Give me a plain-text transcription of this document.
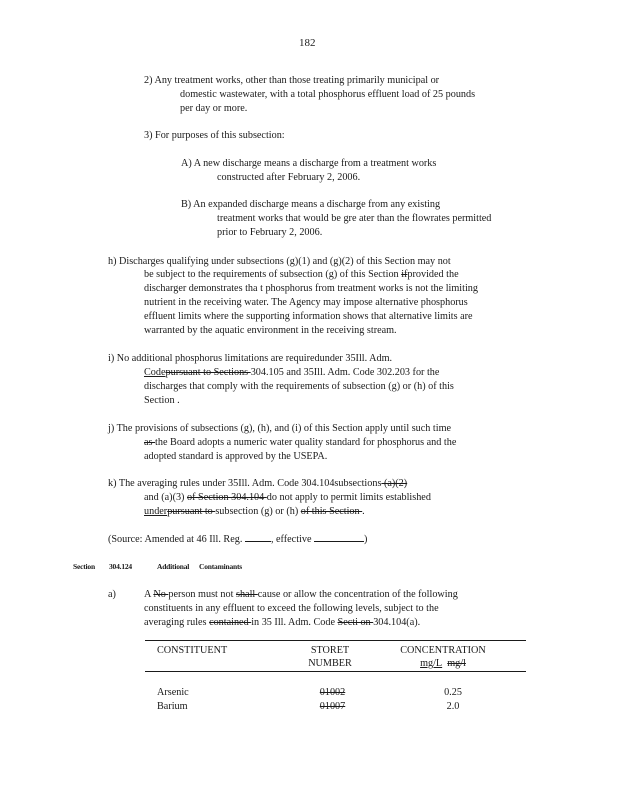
182
2) Any treatment works, other than those treating primarily municipal or
domestic wastewater, with a total phosphorus effluent load of 25 pounds
per day or more.
3) For purposes of this subsection:
A) A new discharge means a discharge from a treatment works
constructed after February 2, 2006.
B) An expanded discharge means a discharge from any existing
treatment works that would be gre ater than the flowrates permitted
prior to February 2, 2006.
h) Discharges qualifying under subsections (g)(1) and (g)(2) of this Section may not
be subject to the requirements of subsection (g) of this Section ifprovided the
discharger demonstrates tha t phosphorus from treatment works is not the limiting
nutrient in the receiving water. The Agency may impose alternative phosphorus
effluent limits where the supporting information shows that alternative limits are
warranted by the aquatic environment in the receiving stream.
i) No additional phosphorus limitations are requiredunder 35Ill. Adm.
Codepursuant to Sections 304.105 and 35Ill. Adm. Code 302.203 for the
discharges that comply with the requirements of subsection (g) or (h) of this
Section .
j) The provisions of subsections (g), (h), and (i) of this Section apply until such time
as the Board adopts a numeric water quality standard for phosphorus and the
adopted standard is approved by the USEPA.
k) The averaging rules under 35Ill. Adm. Code 304.104subsections (a)(2)
and (a)(3) of Section 304.104 do not apply to permit limits established
underpursuant to subsection (g) or (h) of this Section .
(Source: Amended at 46 Ill. Reg.	, effective	)
Section 304.124	Additional Contaminants
a)	A No person must not shall cause or allow the concentration of the following
constituents in any effluent to exceed the following levels, subject to the
averaging rules contained in 35 Ill. Adm. Code Secti on 304.104(a).
CONSTITUENT	STORET
NUMBER
CONCENTRATION
mg/L mg/l
Arsenic	01002	0.25
Barium	01007	2.0
